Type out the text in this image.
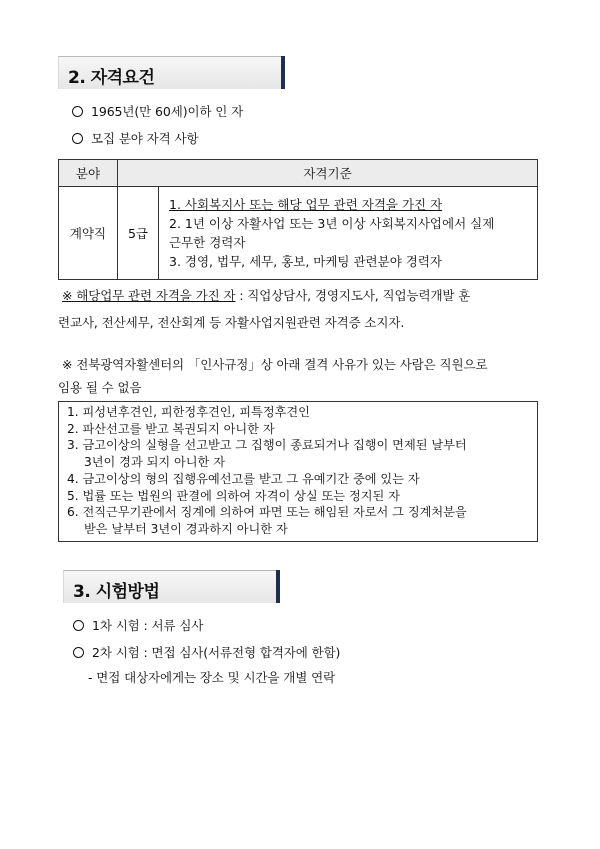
2. 자격요건
1965년(만 60세)이하 인 자
모집 분야 자격 사항
분야	자격기준	
계약직	5급	1. 사회복지사 또는 해당 업무 관련 자격을 가진 자
2. 1년 이상 자활사업 또는 3년 이상 사회복지사업에서 실제
근무한 경력자
3. 경영, 법무, 세무, 홍보, 마케팅 관련분야 경력자
※ 해당업무 관련 자격을 가진 자 : 직업상담사, 경영지도사, 직업능력개발 훈
련교사, 전산세무, 전산회계 등 자활사업지원관련 자격증 소지자.
※ 전북광역자활센터의 「인사규정」상 아래 결격 사유가 있는 사람은 직원으로
임용 될 수 없음
1. 피성년후견인, 피한정후견인, 피특정후견인
2. 파산선고를 받고 복권되지 아니한 자
3. 금고이상의 실형을 선고받고 그 집행이 종료되거나 집행이 면제된 날부터
3년이 경과 되지 아니한 자
4. 금고이상의 형의 집행유예선고를 받고 그 유예기간 중에 있는 자
5. 법률 또는 법원의 판결에 의하여 자격이 상실 또는 정지된 자
6. 전직근무기관에서 징계에 의하여 파면 또는 해임된 자로서 그 징계처분을
받은 날부터 3년이 경과하지 아니한 자
3. 시험방법
1차 시험 : 서류 심사
2차 시험 : 면접 심사(서류전형 합격자에 한함)
- 면접 대상자에게는 장소 및 시간을 개별 연락
